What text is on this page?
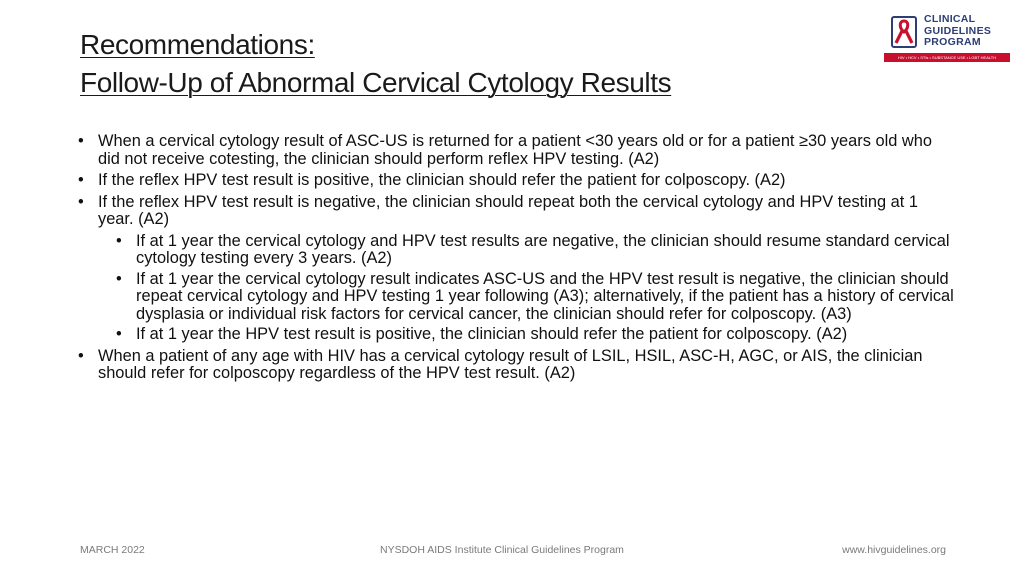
Recommendations:
Follow-Up of Abnormal Cervical Cytology Results
CLINICAL
GUIDELINES
PROGRAM
HIV • HCV • STIs • SUBSTANCE USE • LGBT HEALTH
• When a cervical cytology result of ASC-US is returned for a patient <30 years old or for a patient ≥30 years old who did not receive cotesting, the clinician should perform reflex HPV testing. (A2)
• If the reflex HPV test result is positive, the clinician should refer the patient for colposcopy. (A2)
• If the reflex HPV test result is negative, the clinician should repeat both the cervical cytology and HPV testing at 1 year. (A2)
• If at 1 year the cervical cytology and HPV test results are negative, the clinician should resume standard cervical cytology testing every 3 years. (A2)
• If at 1 year the cervical cytology result indicates ASC-US and the HPV test result is negative, the clinician should repeat cervical cytology and HPV testing 1 year following (A3); alternatively, if the patient has a history of cervical dysplasia or individual risk factors for cervical cancer, the clinician should refer for colposcopy. (A3)
• If at 1 year the HPV test result is positive, the clinician should refer the patient for colposcopy. (A2)
• When a patient of any age with HIV has a cervical cytology result of LSIL, HSIL, ASC-H, AGC, or AIS, the clinician should refer for colposcopy regardless of the HPV test result. (A2)
MARCH 2022	NYSDOH AIDS Institute Clinical Guidelines Program	www.hivguidelines.org
